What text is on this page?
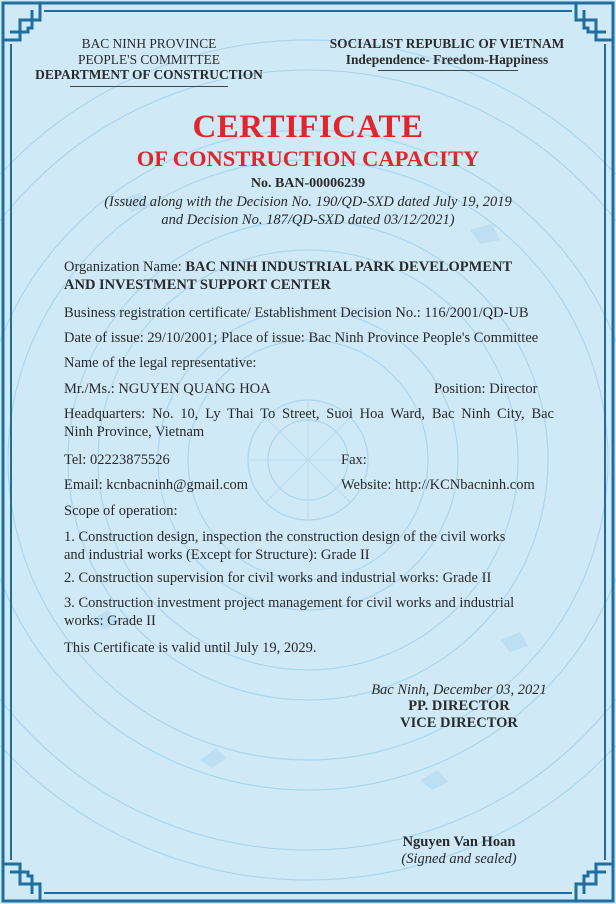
BAC NINH PROVINCE
PEOPLE'S COMMITTEE
DEPARTMENT OF CONSTRUCTION
SOCIALIST REPUBLIC OF VIETNAM
Independence- Freedom-Happiness
CERTIFICATE
OF CONSTRUCTION CAPACITY
No. BAN-00006239
(Issued along with the Decision No. 190/QD-SXD dated July 19, 2019
and Decision No. 187/QD-SXD dated 03/12/2021)
Organization Name: BAC NINH INDUSTRIAL PARK DEVELOPMENT
AND INVESTMENT SUPPORT CENTER
Business registration certificate/ Establishment Decision No.: 116/2001/QD-UB
Date of issue: 29/10/2001; Place of issue: Bac Ninh Province People's Committee
Name of the legal representative:
Mr./Ms.: NGUYEN QUANG HOA	Position: Director
Headquarters: No. 10, Ly Thai To Street, Suoi Hoa Ward, Bac Ninh City, Bac
Ninh Province, Vietnam
Tel: 02223875526	Fax:
Email: kcnbacninh@gmail.com	Website: http://KCNbacninh.com
Scope of operation:
1. Construction design, inspection the construction design of the civil works
and industrial works (Except for Structure): Grade II
2. Construction supervision for civil works and industrial works: Grade II
3. Construction investment project management for civil works and industrial
works: Grade II
This Certificate is valid until July 19, 2029.
Bac Ninh, December 03, 2021
PP. DIRECTOR
VICE DIRECTOR
Nguyen Van Hoan
(Signed and sealed)
